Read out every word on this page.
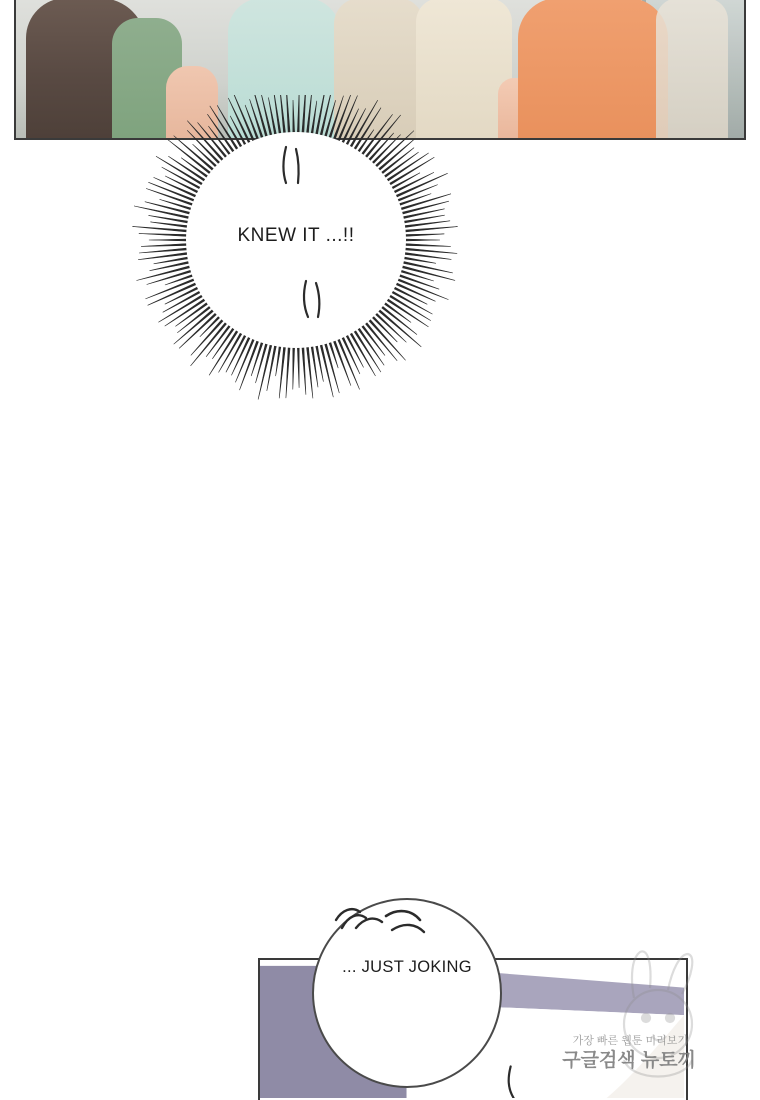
KNEW IT ...!!
... JUST JOKING
가장 빠른 웹툰 미리보기
구글검색 뉴토끼
